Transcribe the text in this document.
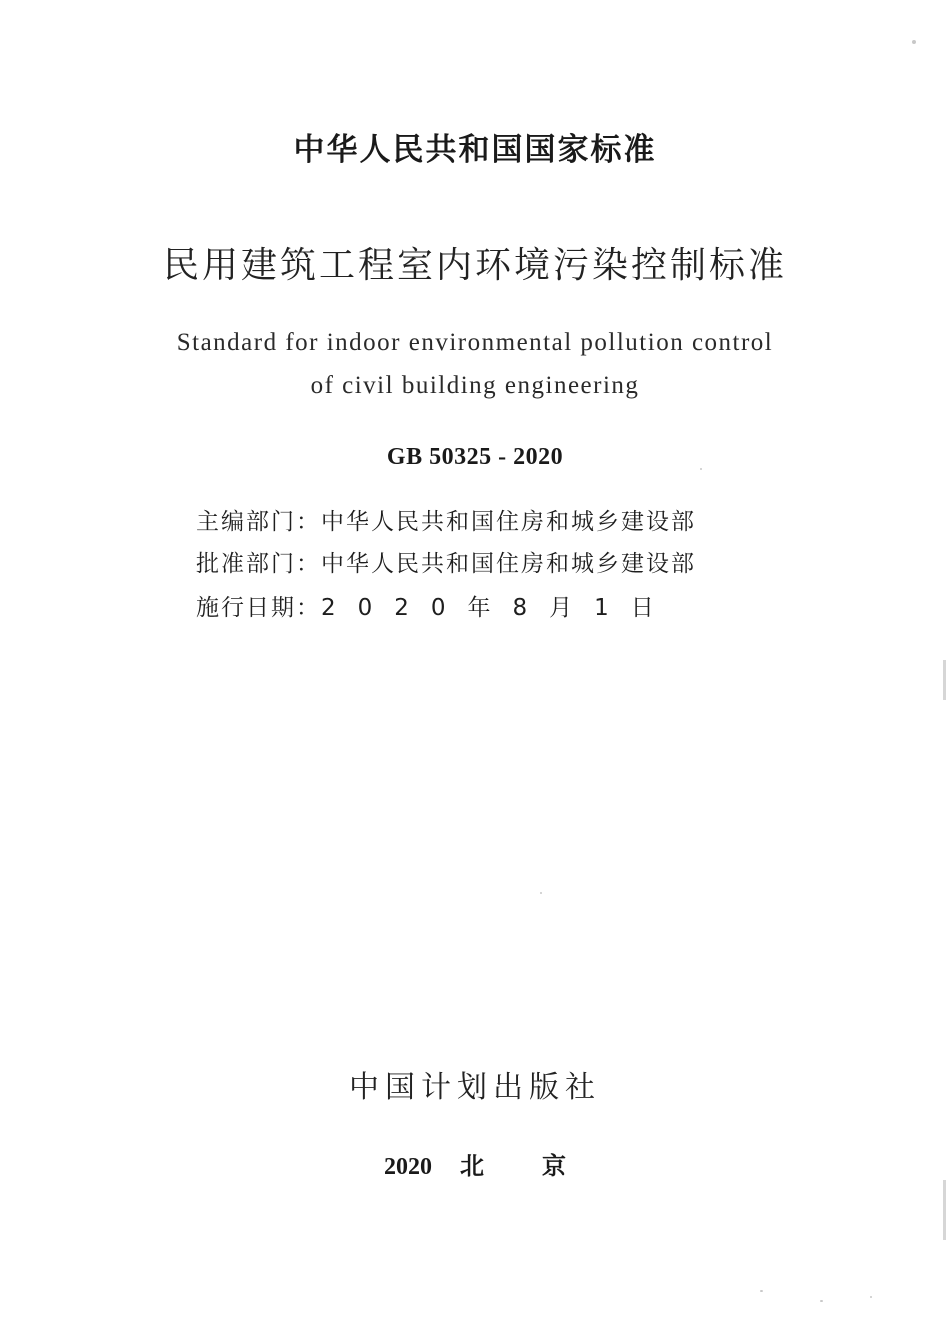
中华人民共和国国家标准
民用建筑工程室内环境污染控制标准
Standard for indoor environmental pollution control
of civil building engineering
GB 50325 - 2020
主编部门：中华人民共和国住房和城乡建设部
批准部门：中华人民共和国住房和城乡建设部
施行日期：2020年8月1日
中国计划出版社
2020 北京
